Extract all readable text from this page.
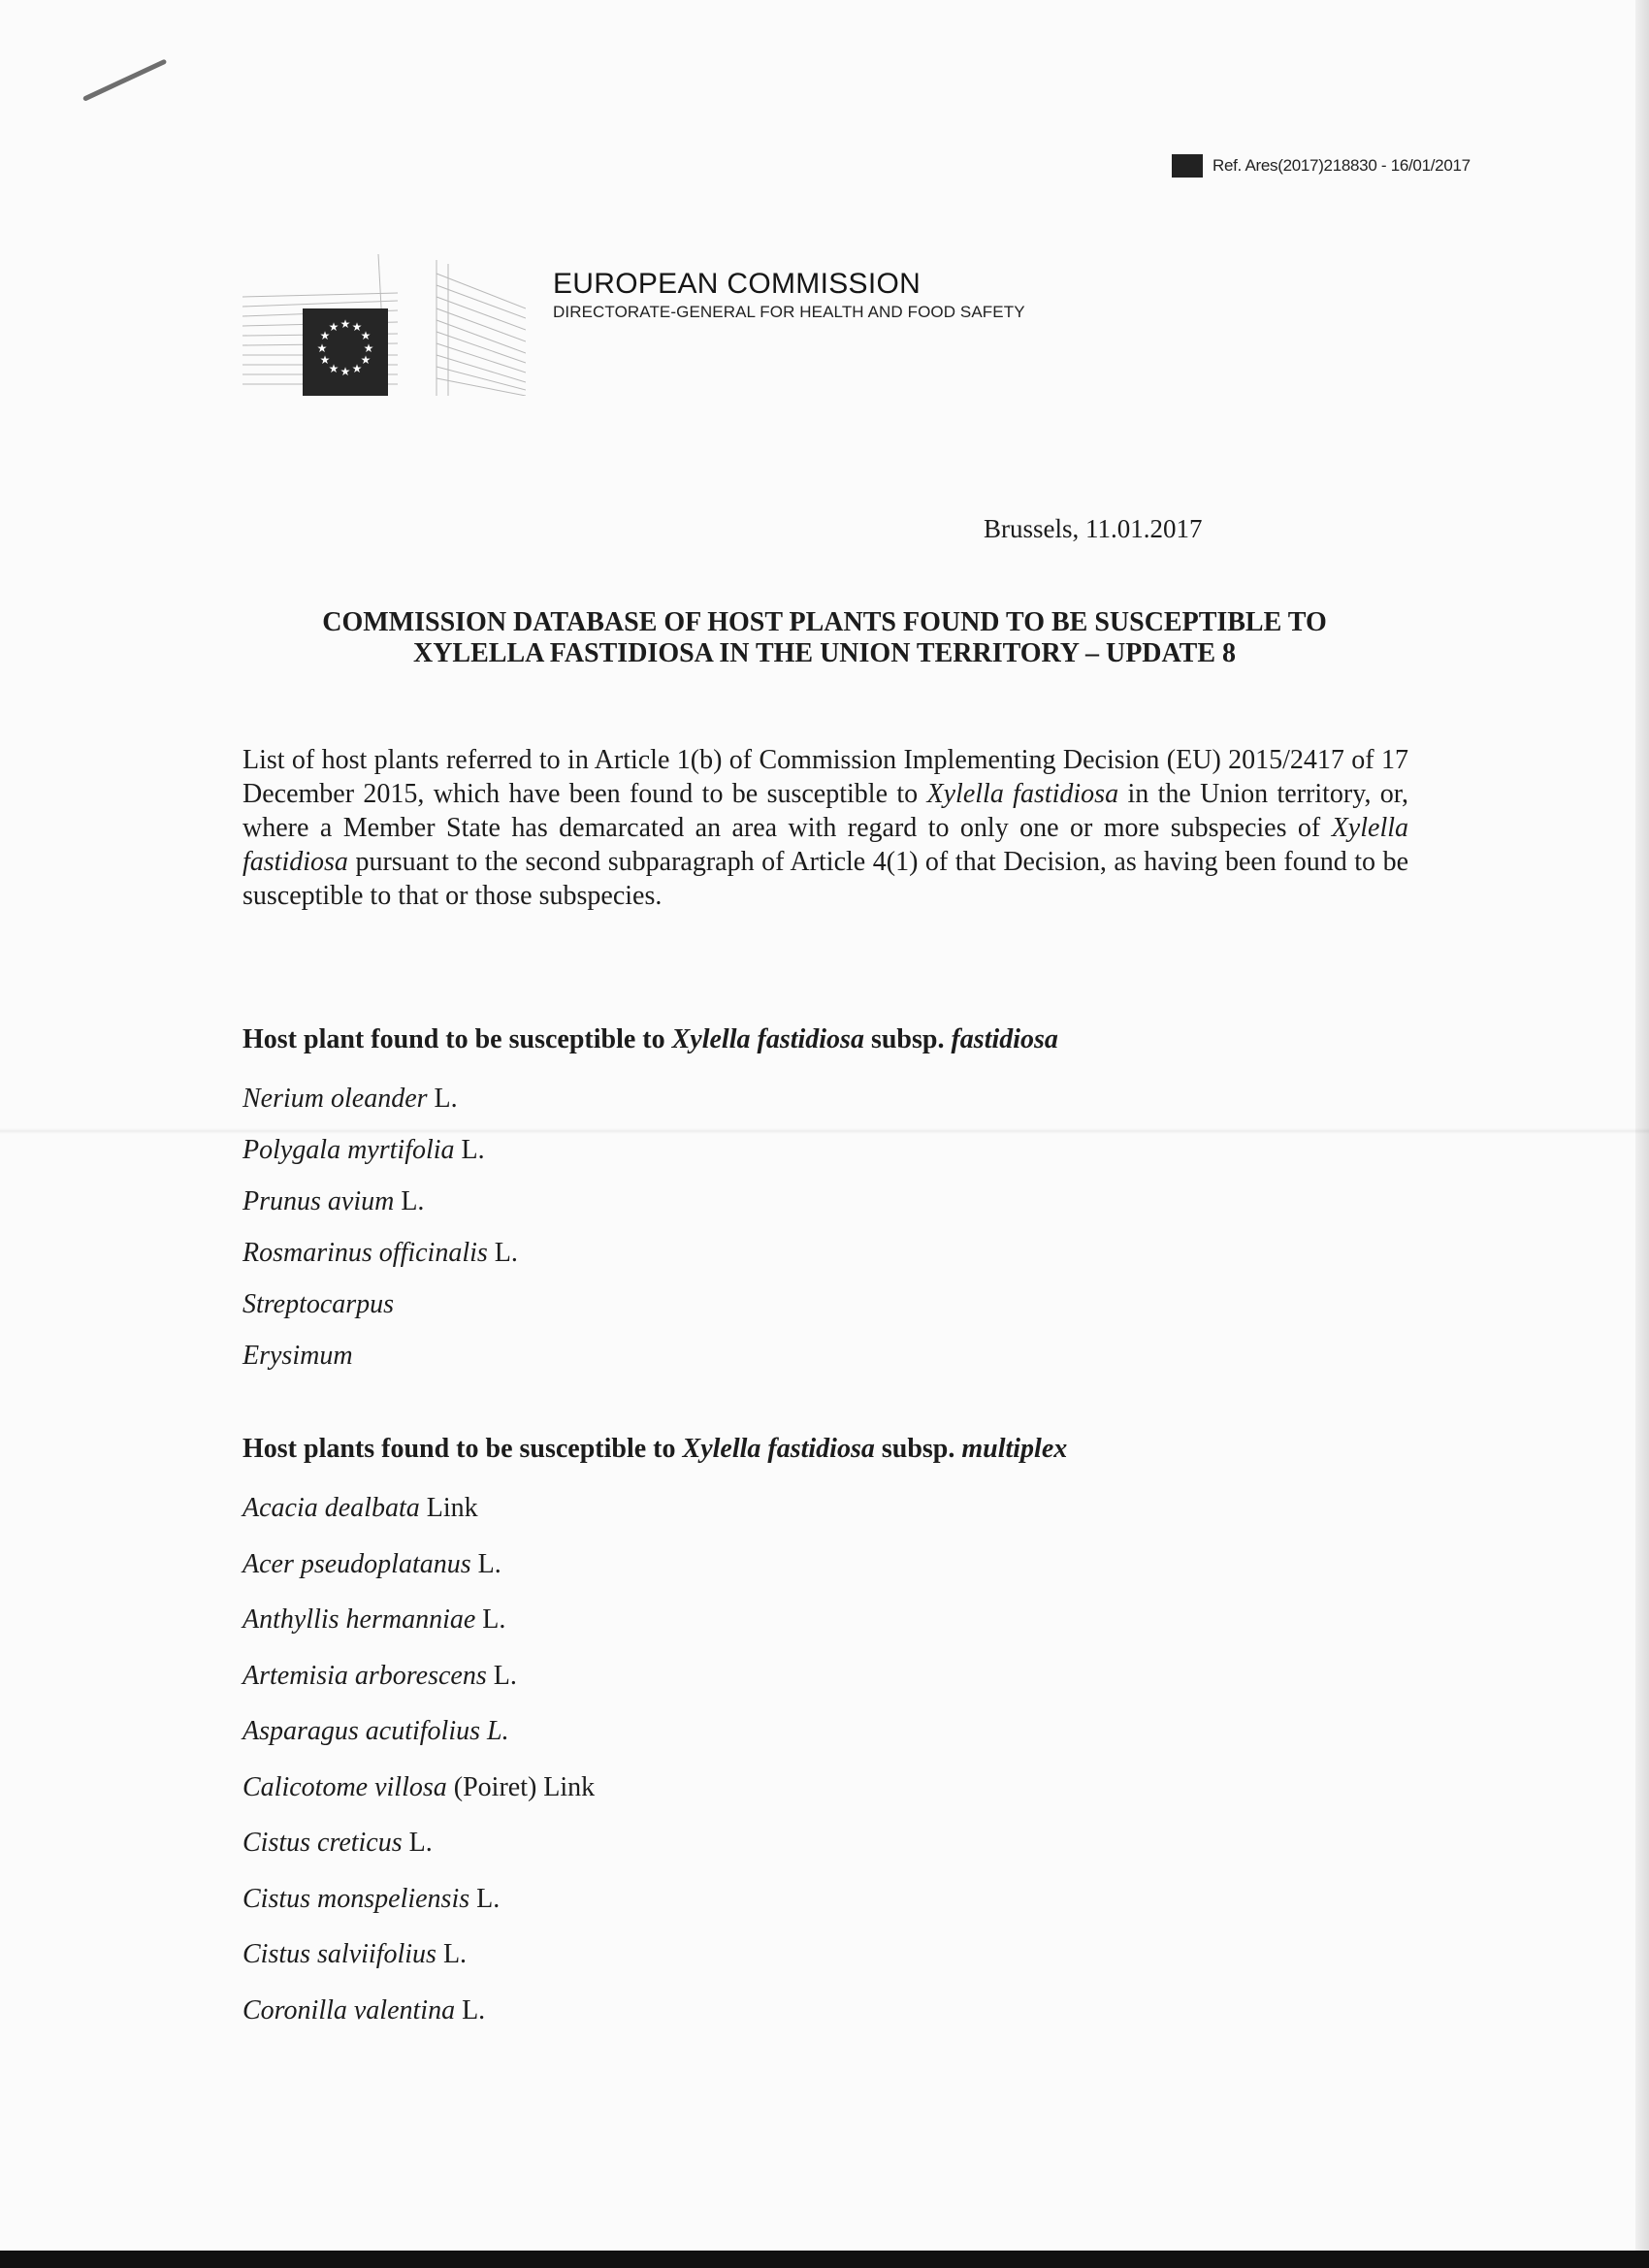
Ref. Ares(2017)218830 - 16/01/2017
★ ★
★
★
★
★
★
★
★
★
★
★
EUROPEAN COMMISSION
DIRECTORATE-GENERAL FOR HEALTH AND FOOD SAFETY
Brussels, 11.01.2017
COMMISSION DATABASE OF HOST PLANTS FOUND TO BE SUSCEPTIBLE TO
XYLELLA FASTIDIOSA IN THE UNION TERRITORY – UPDATE 8
List of host plants referred to in Article 1(b) of Commission Implementing Decision (EU) 2015/2417 of 17 December 2015, which have been found to be susceptible to Xylella fastidiosa in the Union territory, or, where a Member State has demarcated an area with regard to only one or more subspecies of Xylella fastidiosa pursuant to the second subparagraph of Article 4(1) of that Decision, as having been found to be susceptible to that or those subspecies.
Host plant found to be susceptible to Xylella fastidiosa subsp. fastidiosa
Nerium oleander L.
Polygala myrtifolia L.
Prunus avium L.
Rosmarinus officinalis L.
Streptocarpus
Erysimum
Host plants found to be susceptible to Xylella fastidiosa subsp. multiplex
Acacia dealbata Link
Acer pseudoplatanus L.
Anthyllis hermanniae L.
Artemisia arborescens L.
Asparagus acutifolius L.
Calicotome villosa (Poiret) Link
Cistus creticus L.
Cistus monspeliensis L.
Cistus salviifolius L.
Coronilla valentina L.
